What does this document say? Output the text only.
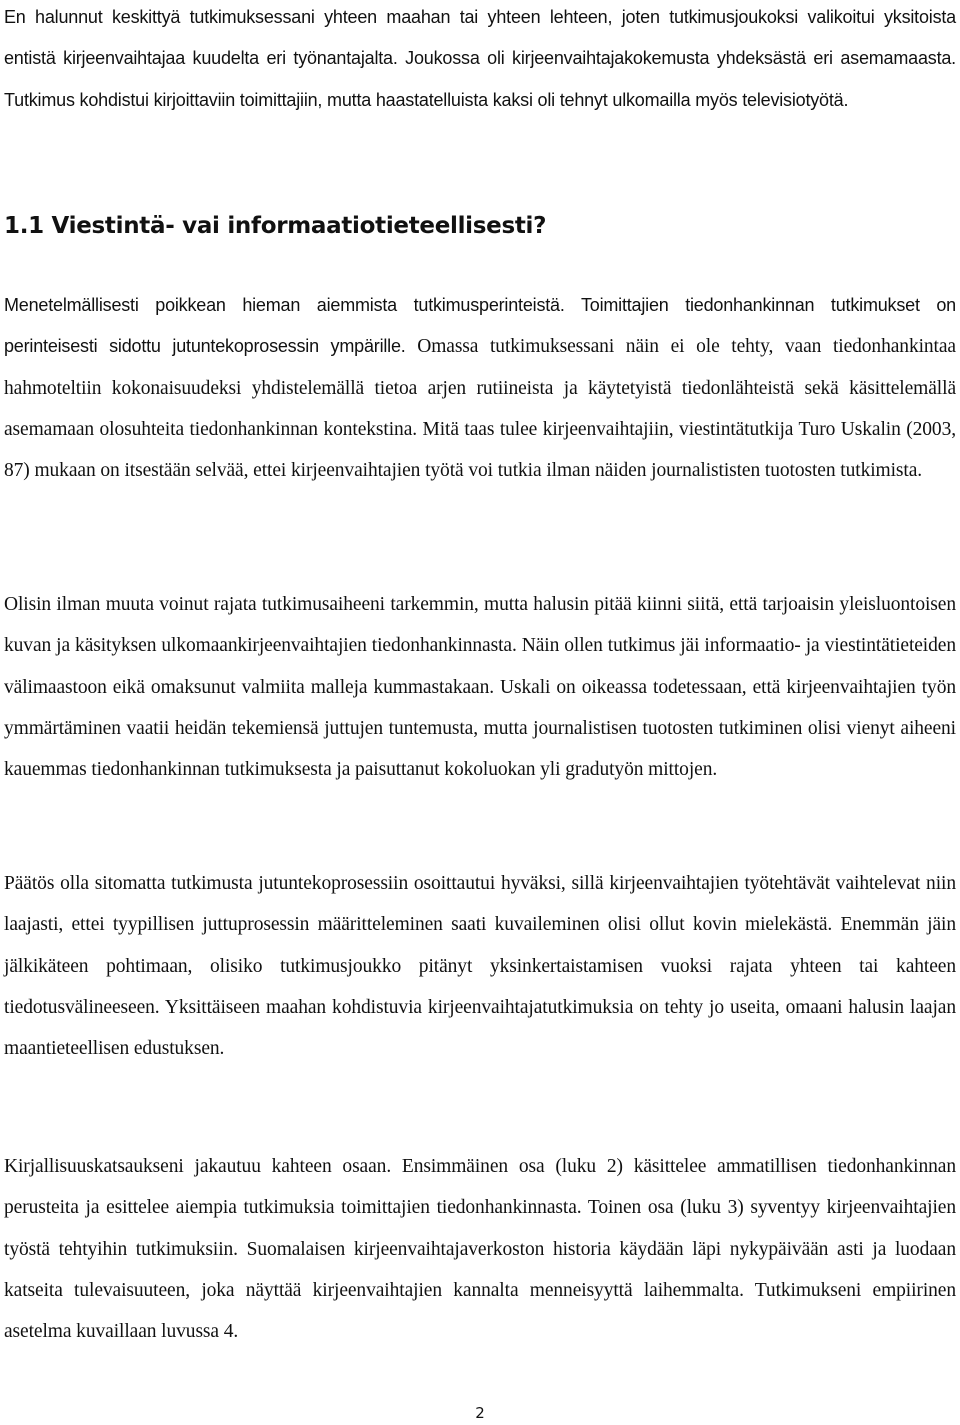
En halunnut keskittyä tutkimuksessani yhteen maahan tai yhteen lehteen, joten tutkimusjoukoksi valikoitui yksitoista entistä kirjeenvaihtajaa kuudelta eri työnantajalta. Joukossa oli kirjeenvaihtajakokemusta yhdeksästä eri asemamaasta. Tutkimus kohdistui kirjoittaviin toimittajiin, mutta haastatelluista kaksi oli tehnyt ulkomailla myös televisiotyötä.

1.1 Viestintä- vai informaatiotieteellisesti?

Menetelmällisesti poikkean hieman aiemmista tutkimusperinteistä. Toimittajien tiedonhankinnan tutkimukset on perinteisesti sidottu jutuntekoprosessin ympärille. Omassa tutkimuksessani näin ei ole tehty, vaan tiedonhankintaa hahmoteltiin kokonaisuudeksi yhdistelemällä tietoa arjen rutiineista ja käytetyistä tiedonlähteistä sekä käsittelemällä asemamaan olosuhteita tiedonhankinnan kontekstina. Mitä taas tulee kirjeenvaihtajiin, viestintätutkija Turo Uskalin (2003, 87) mukaan on itsestään selvää, ettei kirjeenvaihtajien työtä voi tutkia ilman näiden journalististen tuotosten tutkimista.

Olisin ilman muuta voinut rajata tutkimusaiheeni tarkemmin, mutta halusin pitää kiinni siitä, että tarjoaisin yleisluontoisen kuvan ja käsityksen ulkomaankirjeenvaihtajien tiedonhankinnasta. Näin ollen tutkimus jäi informaatio- ja viestintätieteiden välimaastoon eikä omaksunut valmiita malleja kummastakaan. Uskali on oikeassa todetessaan, että kirjeenvaihtajien työn ymmärtäminen vaatii heidän tekemiensä juttujen tuntemusta, mutta journalistisen tuotosten tutkiminen olisi vienyt aiheeni kauemmas tiedonhankinnan tutkimuksesta ja paisuttanut kokoluokan yli gradutyön mittojen.

Päätös olla sitomatta tutkimusta jutuntekoprosessiin osoittautui hyväksi, sillä kirjeenvaihtajien työtehtävät vaihtelevat niin laajasti, ettei tyypillisen juttuprosessin määritteleminen saati kuvaileminen olisi ollut kovin mielekästä. Enemmän jäin jälkikäteen pohtimaan, olisiko tutkimusjoukko pitänyt yksinkertaistamisen vuoksi rajata yhteen tai kahteen tiedotusvälineeseen. Yksittäiseen maahan kohdistuvia kirjeenvaihtajatutkimuksia on tehty jo useita, omaani halusin laajan maantieteellisen edustuksen.

Kirjallisuuskatsaukseni jakautuu kahteen osaan. Ensimmäinen osa (luku 2) käsittelee ammatillisen tiedonhankinnan perusteita ja esittelee aiempia tutkimuksia toimittajien tiedonhankinnasta. Toinen osa (luku 3) syventyy kirjeenvaihtajien työstä tehtyihin tutkimuksiin. Suomalaisen kirjeenvaihtajaverkoston historia käydään läpi nykypäivään asti ja luodaan katseita tulevaisuuteen, joka näyttää kirjeenvaihtajien kannalta menneisyyttä laihemmalta. Tutkimukseni empiirinen asetelma kuvaillaan luvussa 4.

2
